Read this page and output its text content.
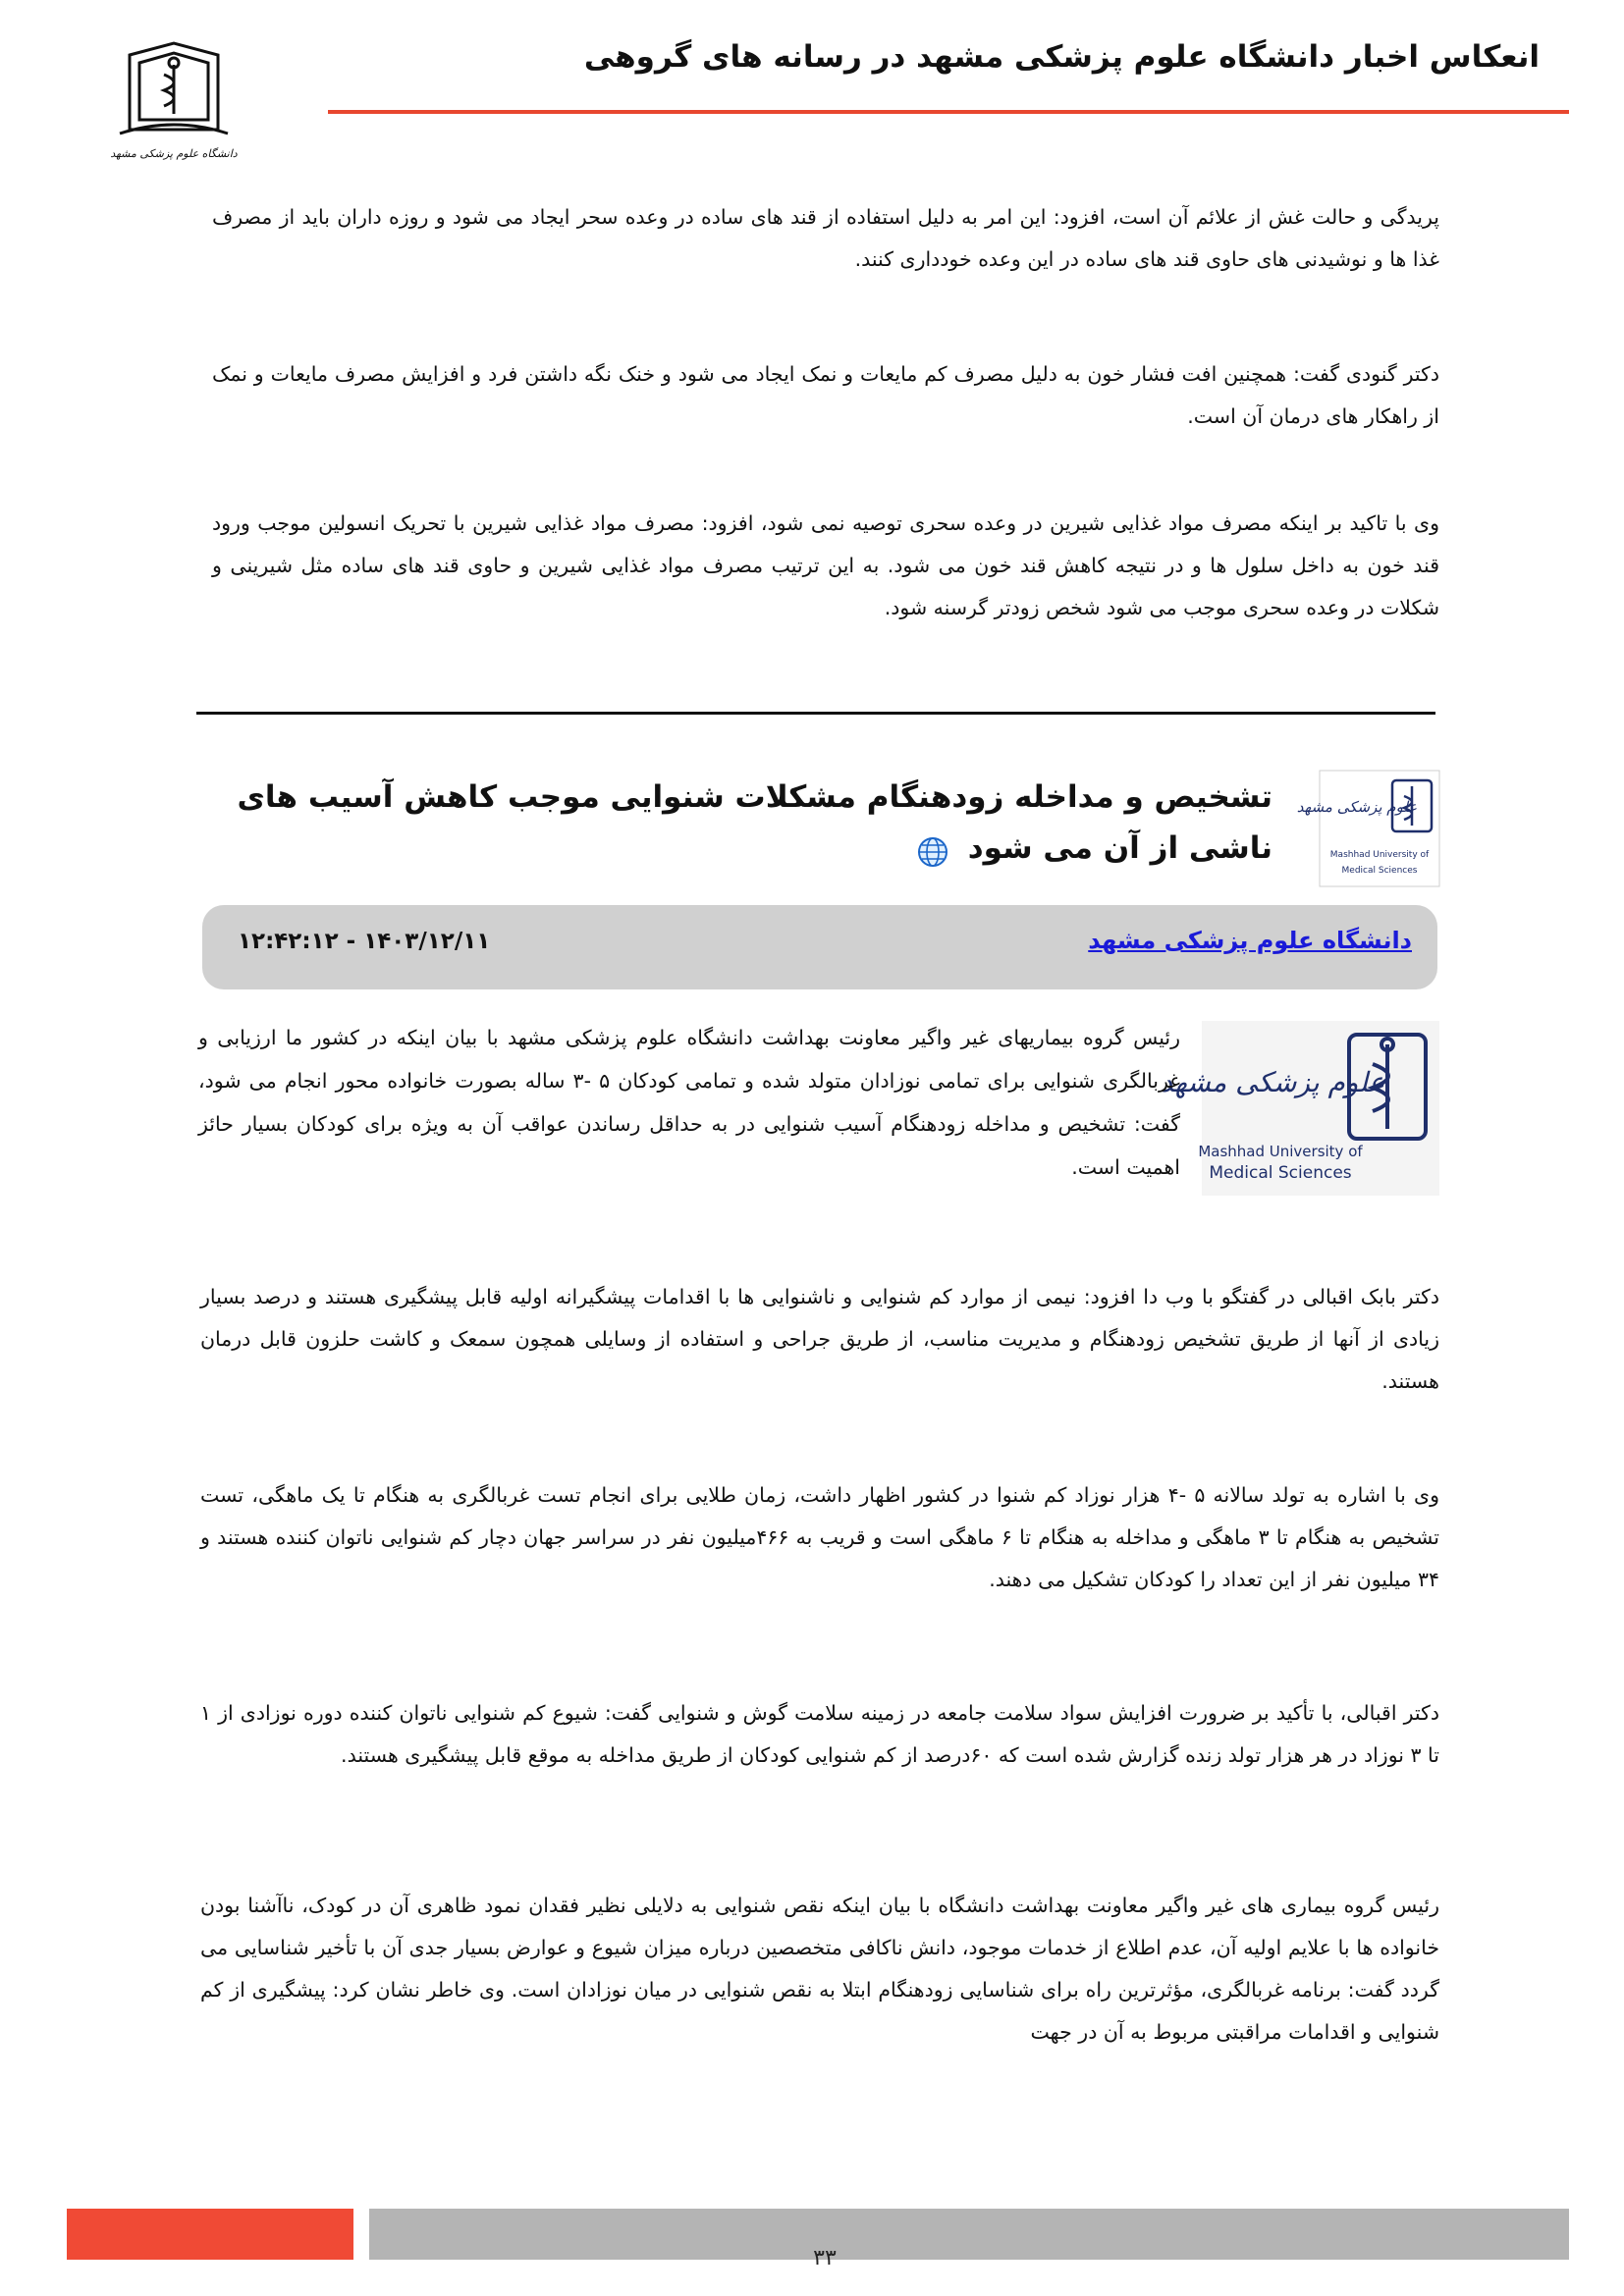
دانشگاه علوم پزشکی مشهد
انعکاس اخبار دانشگاه علوم پزشکی مشهد در رسانه های گروهی

پریدگی و حالت غش از علائم آن است، افزود: این امر به دلیل استفاده از قند های ساده در وعده سحر ایجاد می شود و روزه داران باید از مصرف غذا ها و نوشیدنی های حاوی قند های ساده در این وعده خودداری کنند.

دکتر گنودی گفت: همچنین افت فشار خون به دلیل مصرف کم مایعات و نمک ایجاد می شود و خنک نگه داشتن فرد و افزایش مصرف مایعات و نمک از راهکار های درمان آن است.

وی با تاکید بر اینکه مصرف مواد غذایی شیرین در وعده سحری توصیه نمی شود، افزود: مصرف مواد غذایی شیرین با تحریک انسولین موجب ورود قند خون به داخل سلول ها و در نتیجه کاهش قند خون می شود. به این ترتیب مصرف مواد غذایی شیرین و حاوی قند های ساده مثل شیرینی و شکلات در وعده سحری موجب می شود شخص زودتر گرسنه شود.

علوم پزشکی مشهد
Mashhad University of
Medical Sciences
تشخیص و مداخله زودهنگام مشکلات شنوایی موجب کاهش آسیب های ناشی از آن می شود
دانشگاه علوم پزشکی مشهد
۱۴۰۳/۱۲/۱۱ - ۱۲:۴۲:۱۲
علوم پزشکی مشهد
Mashhad University of
Medical Sciences

رئیس گروه بیماریهای غیر واگیر معاونت بهداشت دانشگاه علوم پزشکی مشهد با بیان اینکه در کشور ما ارزیابی و غربالگری شنوایی برای تمامی نوزادان متولد شده و تمامی کودکان ۵ -۳ ساله بصورت خانواده محور انجام می شود، گفت: تشخیص و مداخله زودهنگام آسیب شنوایی در به حداقل رساندن عواقب آن به ویژه برای کودکان بسیار حائز اهمیت است.

دکتر بابک اقبالی در گفتگو با وب دا افزود: نیمی از موارد کم شنوایی و ناشنوایی ها با اقدامات پیشگیرانه اولیه قابل پیشگیری هستند و درصد بسیار زیادی از آنها از طریق تشخیص زودهنگام و مدیریت مناسب، از طریق جراحی و استفاده از وسایلی همچون سمعک و کاشت حلزون قابل درمان هستند.

وی با اشاره به تولد سالانه ۵ -۴ هزار نوزاد کم شنوا در کشور اظهار داشت، زمان طلایی برای انجام تست غربالگری به هنگام تا یک ماهگی، تست تشخیص به هنگام تا ۳ ماهگی و مداخله به هنگام تا ۶ ماهگی است و قریب به ۴۶۶میلیون نفر در سراسر جهان دچار کم شنوایی ناتوان کننده هستند و ۳۴ میلیون نفر از این تعداد را کودکان تشکیل می دهند.

دکتر اقبالی، با تأکید بر ضرورت افزایش سواد سلامت جامعه در زمینه سلامت گوش و شنوایی گفت: شیوع کم شنوایی ناتوان کننده دوره نوزادی از ۱ تا ۳ نوزاد در هر هزار تولد زنده گزارش شده است که ۶۰درصد از کم شنوایی کودکان از طریق مداخله به موقع قابل پیشگیری هستند.

رئیس گروه بیماری های غیر واگیر معاونت بهداشت دانشگاه با بیان اینکه نقص شنوایی به دلایلی نظیر فقدان نمود ظاهری آن در کودک، ناآشنا بودن خانواده ها با علایم اولیه آن، عدم اطلاع از خدمات موجود، دانش ناکافی متخصصین درباره میزان شیوع و عوارض بسیار جدی آن با تأخیر شناسایی می گردد گفت: برنامه غربالگری، مؤثرترین راه برای شناسایی زودهنگام ابتلا به نقص شنوایی در میان نوزادان است. وی خاطر نشان کرد: پیشگیری از کم شنوایی و اقدامات مراقبتی مربوط به آن در جهت

۳۳
